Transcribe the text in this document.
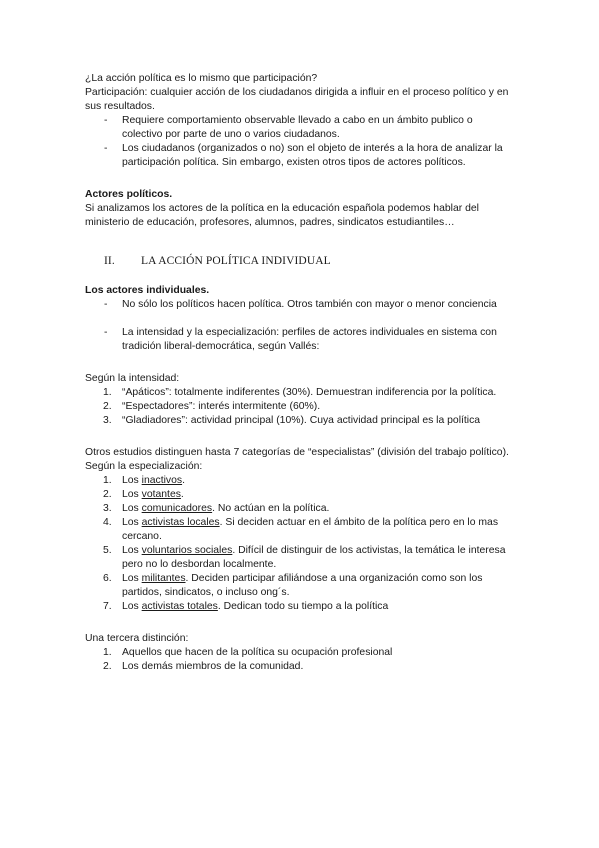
¿La acción política es lo mismo que participación?

Participación: cualquier acción de los ciudadanos dirigida a influir en el proceso político y en sus resultados.

- Requiere comportamiento observable llevado a cabo en un ámbito publico o colectivo por parte de uno o varios ciudadanos.
- Los ciudadanos (organizados o no) son el objeto de interés a la hora de analizar la participación política. Sin embargo, existen otros tipos de actores políticos.

Actores políticos.

Si analizamos los actores de la política en la educación española podemos hablar del ministerio de educación, profesores, alumnos, padres, sindicatos estudiantiles…

II. LA ACCIÓN POLÍTICA INDIVIDUAL

Los actores individuales.

- No sólo los políticos hacen política. Otros también con mayor o menor conciencia
- La intensidad y la especialización: perfiles de actores individuales en sistema con tradición liberal-democrática, según Vallés:

Según la intensidad:

1. “Apáticos”: totalmente indiferentes (30%). Demuestran indiferencia por la política.
2. “Espectadores”: interés intermitente (60%).
3. “Gladiadores”: actividad principal (10%). Cuya actividad principal es la política

Otros estudios distinguen hasta 7 categorías de “especialistas” (división del trabajo político). Según la especialización:

1. Los inactivos.
2. Los votantes.
3. Los comunicadores. No actúan en la política.
4. Los activistas locales. Si deciden actuar en el ámbito de la política pero en lo mas cercano.
5. Los voluntarios sociales. Difícil de distinguir de los activistas, la temática le interesa pero no lo desbordan localmente.
6. Los militantes. Deciden participar afiliándose a una organización como son los partidos, sindicatos, o incluso ong´s.
7. Los activistas totales. Dedican todo su tiempo a la política

Una tercera distinción:

1. Aquellos que hacen de la política su ocupación profesional
2. Los demás miembros de la comunidad.
